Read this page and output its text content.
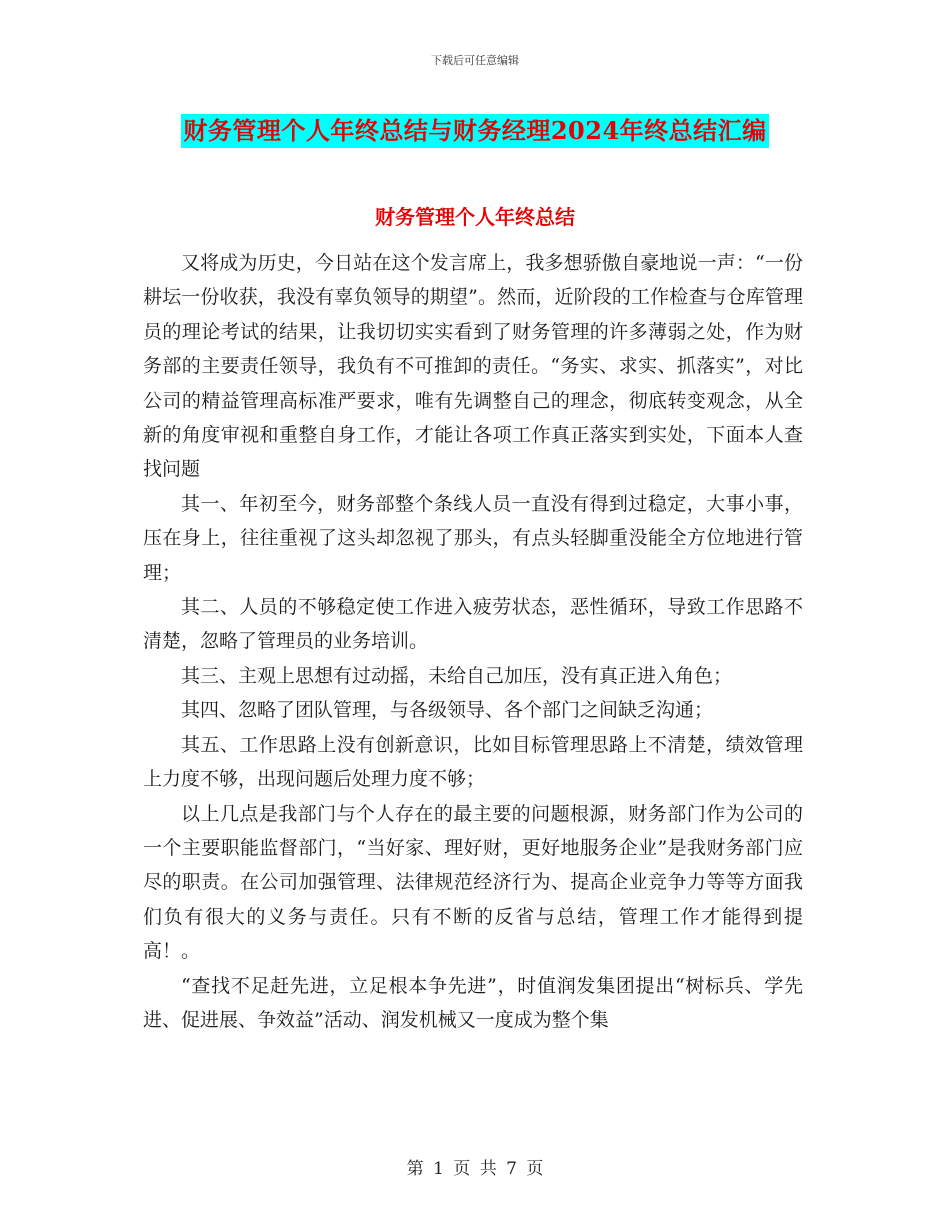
下载后可任意编辑
财务管理个人年终总结与财务经理2024年终总结汇编
财务管理个人年终总结

又将成为历史，今日站在这个发言席上，我多想骄傲自豪地说一声：“一份耕坛一份收获，我没有辜负领导的期望”。然而，近阶段的工作检查与仓库管理员的理论考试的结果，让我切切实实看到了财务管理的许多薄弱之处，作为财务部的主要责任领导，我负有不可推卸的责任。“务实、求实、抓落实”，对比公司的精益管理高标准严要求，唯有先调整自己的理念，彻底转变观念，从全新的角度审视和重整自身工作，才能让各项工作真正落实到实处，下面本人查找问题

其一、年初至今，财务部整个条线人员一直没有得到过稳定，大事小事，压在身上，往往重视了这头却忽视了那头，有点头轻脚重没能全方位地进行管理；

其二、人员的不够稳定使工作进入疲劳状态，恶性循环，导致工作思路不清楚，忽略了管理员的业务培训。

其三、主观上思想有过动摇，未给自己加压，没有真正进入角色；

其四、忽略了团队管理，与各级领导、各个部门之间缺乏沟通；

其五、工作思路上没有创新意识，比如目标管理思路上不清楚，绩效管理上力度不够，出现问题后处理力度不够；

以上几点是我部门与个人存在的最主要的问题根源，财务部门作为公司的一个主要职能监督部门，“当好家、理好财，更好地服务企业”是我财务部门应尽的职责。在公司加强管理、法律规范经济行为、提高企业竞争力等等方面我们负有很大的义务与责任。只有不断的反省与总结，管理工作才能得到提高！。

“查找不足赶先进，立足根本争先进”，时值润发集团提出“树标兵、学先进、促进展、争效益”活动、润发机械又一度成为整个集

第 1 页 共 7 页
